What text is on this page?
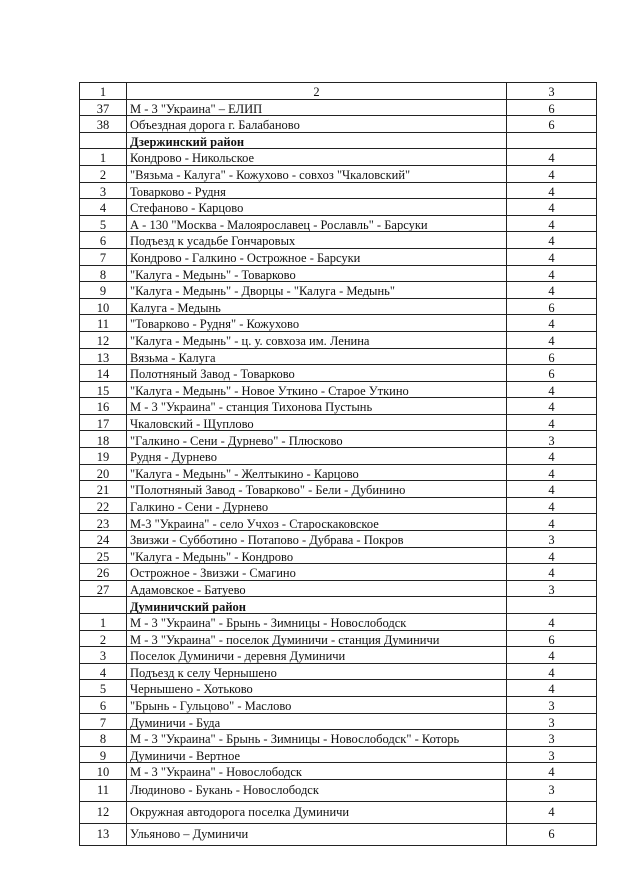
1	2	3
37	М - 3 "Украина" – ЕЛИП	6
38	Объездная дорога г. Балабаново	6
	Дзержинский район	
1	Кондрово - Никольское	4
2	"Вязьма - Калуга" - Кожухово - совхоз "Чкаловский"	4
3	Товарково - Рудня	4
4	Стефаново - Карцово	4
5	А - 130 "Москва - Малоярославец - Рославль" - Барсуки	4
6	Подъезд к усадьбе Гончаровых	4
7	Кондрово - Галкино - Острожное - Барсуки	4
8	"Калуга - Медынь" - Товарково	4
9	"Калуга - Медынь" - Дворцы - "Калуга - Медынь"	4
10	Калуга - Медынь	6
11	"Товарково - Рудня" - Кожухово	4
12	"Калуга - Медынь" - ц. у. совхоза им. Ленина	4
13	Вязьма - Калуга	6
14	Полотняный Завод - Товарково	6
15	"Калуга - Медынь" - Новое Уткино - Старое Уткино	4
16	М - 3 "Украина" - станция Тихонова Пустынь	4
17	Чкаловский - Щуплово	4
18	"Галкино - Сени - Дурнево" - Плюсково	3
19	Рудня - Дурнево	4
20	"Калуга - Медынь" - Желтыкино - Карцово	4
21	"Полотняный Завод - Товарково" - Бели - Дубинино	4
22	Галкино - Сени - Дурнево	4
23	М-3 "Украина" - село Учхоз - Староскаковское	4
24	Звизжи - Субботино - Потапово - Дубрава - Покров	3
25	"Калуга - Медынь" - Кондрово	4
26	Острожное - Звизжи - Смагино	4
27	Адамовское - Батуево	3
	Думиничский район	
1	М - 3 "Украина" - Брынь - Зимницы - Новослободск	4
2	М - 3 "Украина" - поселок Думиничи - станция Думиничи	6
3	Поселок Думиничи - деревня Думиничи	4
4	Подъезд к селу Чернышено	4
5	Чернышено - Хотьково	4
6	"Брынь - Гульцово" - Маслово	3
7	Думиничи - Буда	3
8	М - 3 "Украина" - Брынь - Зимницы - Новослободск" - Которь	3
9	Думиничи - Вертное	3
10	М - 3 "Украина" - Новослободск	4
11	Людиново - Букань - Новослободск	3
12	Окружная автодорога поселка Думиничи	4
13	Ульяново – Думиничи	6
